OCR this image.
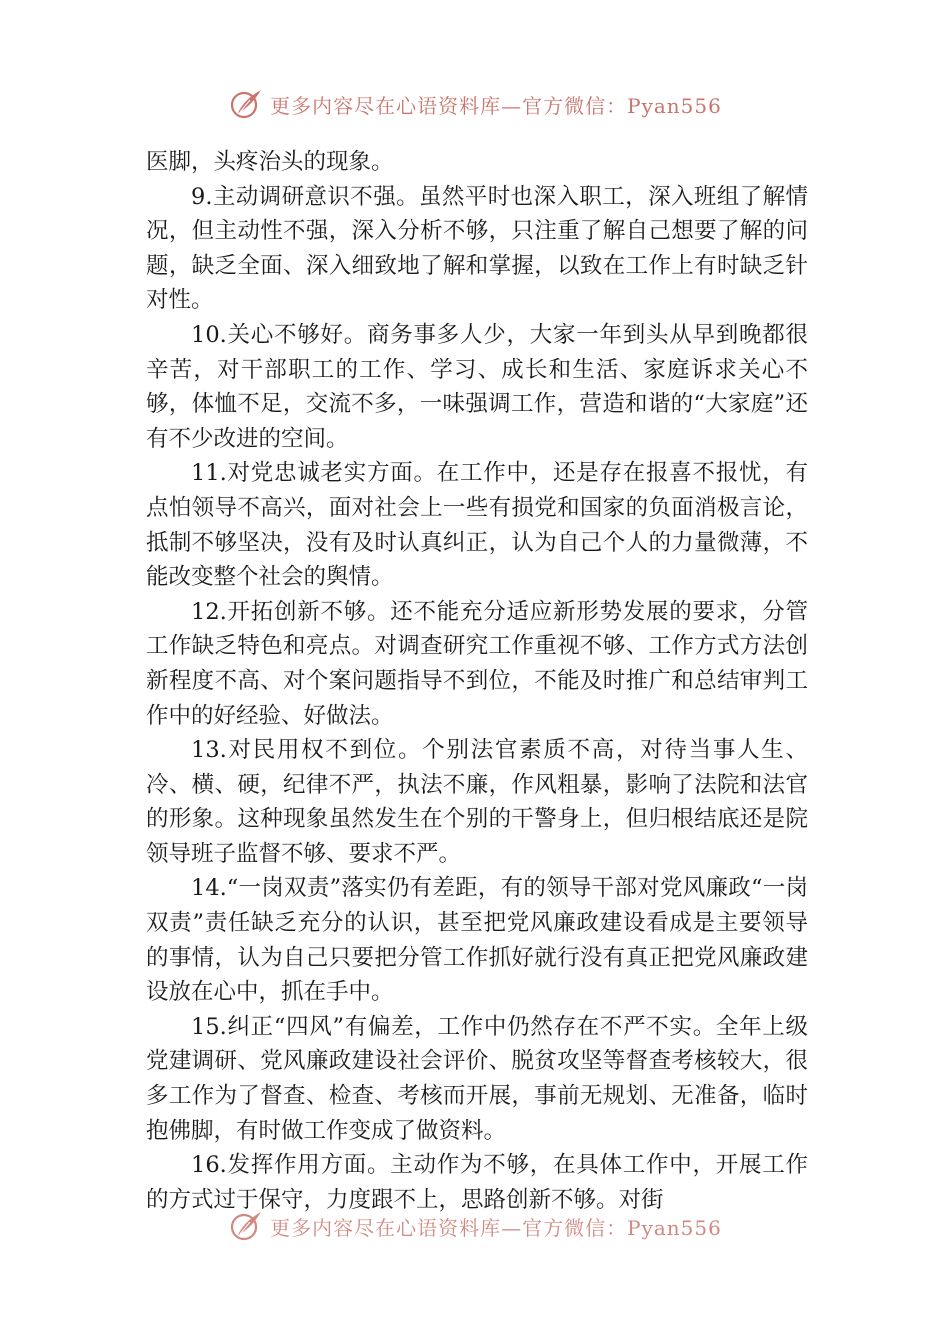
更多内容尽在心语资料库—官方微信：Pyan556

医脚，头疼治头的现象。

9.主动调研意识不强。虽然平时也深入职工，深入班组了解情况，但主动性不强，深入分析不够，只注重了解自己想要了解的问题，缺乏全面、深入细致地了解和掌握，以致在工作上有时缺乏针对性。

10.关心不够好。商务事多人少，大家一年到头从早到晚都很辛苦，对干部职工的工作、学习、成长和生活、家庭诉求关心不够，体恤不足，交流不多，一味强调工作，营造和谐的“大家庭”还有不少改进的空间。

11.对党忠诚老实方面。在工作中，还是存在报喜不报忧，有点怕领导不高兴，面对社会上一些有损党和国家的负面消极言论，抵制不够坚决，没有及时认真纠正，认为自己个人的力量微薄，不能改变整个社会的舆情。

12.开拓创新不够。还不能充分适应新形势发展的要求，分管工作缺乏特色和亮点。对调查研究工作重视不够、工作方式方法创新程度不高、对个案问题指导不到位，不能及时推广和总结审判工作中的好经验、好做法。

13.对民用权不到位。个别法官素质不高，对待当事人生、冷、横、硬，纪律不严，执法不廉，作风粗暴，影响了法院和法官的形象。这种现象虽然发生在个别的干警身上，但归根结底还是院领导班子监督不够、要求不严。

14.“一岗双责”落实仍有差距，有的领导干部对党风廉政“一岗双责”责任缺乏充分的认识，甚至把党风廉政建设看成是主要领导的事情，认为自己只要把分管工作抓好就行没有真正把党风廉政建设放在心中，抓在手中。

15.纠正“四风”有偏差，工作中仍然存在不严不实。全年上级党建调研、党风廉政建设社会评价、脱贫攻坚等督查考核较大，很多工作为了督查、检查、考核而开展，事前无规划、无准备，临时抱佛脚，有时做工作变成了做资料。

16.发挥作用方面。主动作为不够，在具体工作中，开展工作的方式过于保守，力度跟不上，思路创新不够。对街

更多内容尽在心语资料库—官方微信：Pyan556
